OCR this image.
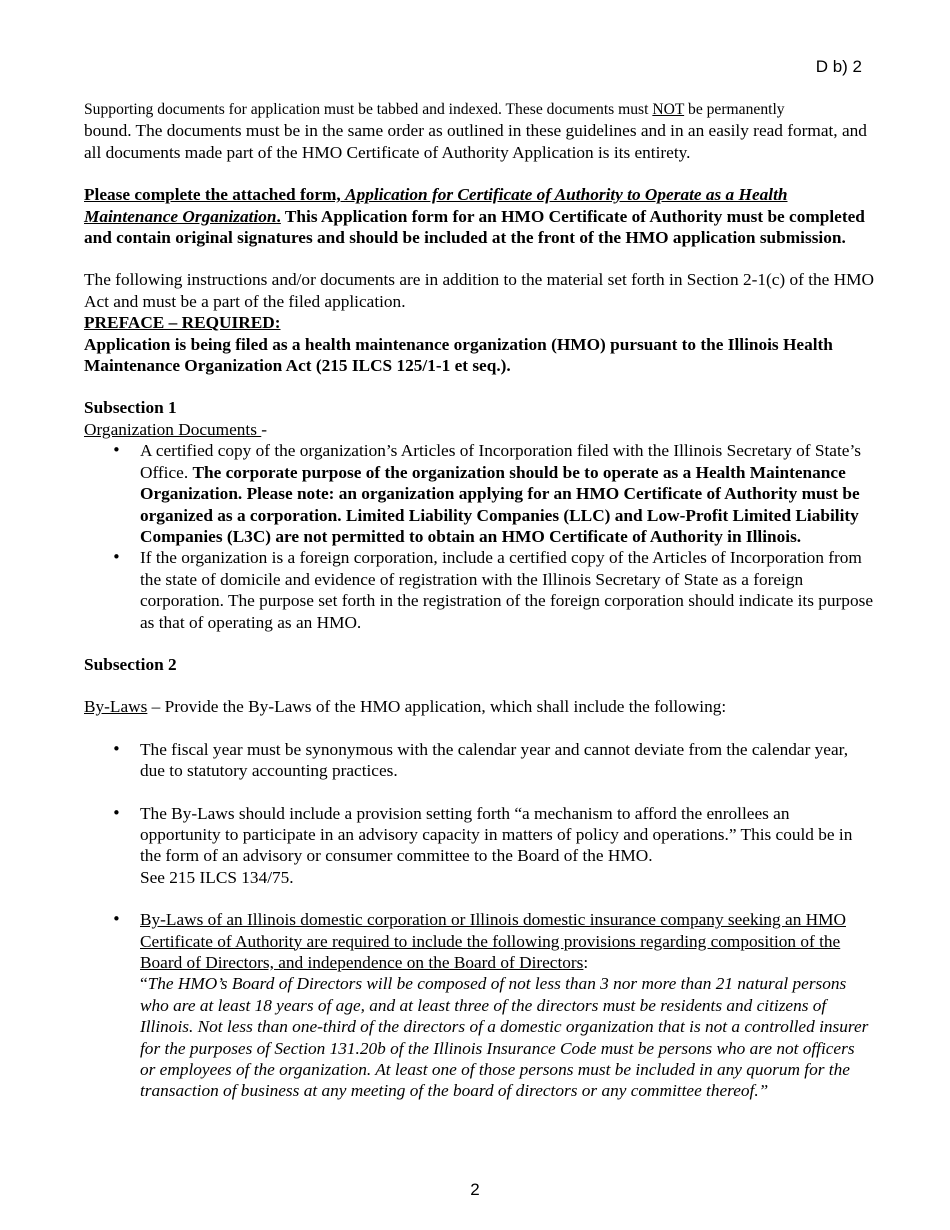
D b) 2

Supporting documents for application must be tabbed and indexed. These documents must NOT be permanently
bound. The documents must be in the same order as outlined in these guidelines and in an easily read format, and all documents made part of the HMO Certificate of Authority Application is its entirety.

Please complete the attached form, Application for Certificate of Authority to Operate as a Health Maintenance Organization. This Application form for an HMO Certificate of Authority must be completed and contain original signatures and should be included at the front of the HMO application submission.

The following instructions and/or documents are in addition to the material set forth in Section 2-1(c) of the HMO Act and must be a part of the filed application.

PREFACE – REQUIRED:

Application is being filed as a health maintenance organization (HMO) pursuant to the Illinois Health Maintenance Organization Act (215 ILCS 125/1-1 et seq.).

Subsection 1

Organization Documents -

• A certified copy of the organization’s Articles of Incorporation filed with the Illinois Secretary of State’s Office. The corporate purpose of the organization should be to operate as a Health Maintenance Organization. Please note: an organization applying for an HMO Certificate of Authority must be organized as a corporation. Limited Liability Companies (LLC) and Low-Profit Limited Liability Companies (L3C) are not permitted to obtain an HMO Certificate of Authority in Illinois.
• If the organization is a foreign corporation, include a certified copy of the Articles of Incorporation from the state of domicile and evidence of registration with the Illinois Secretary of State as a foreign corporation. The purpose set forth in the registration of the foreign corporation should indicate its purpose as that of operating as an HMO.

Subsection 2

By-Laws – Provide the By-Laws of the HMO application, which shall include the following:

• The fiscal year must be synonymous with the calendar year and cannot deviate from the calendar year, due to statutory accounting practices.
• The By-Laws should include a provision setting forth “a mechanism to afford the enrollees an opportunity to participate in an advisory capacity in matters of policy and operations.” This could be in the form of an advisory or consumer committee to the Board of the HMO.
See 215 ILCS 134/75.
• By-Laws of an Illinois domestic corporation or Illinois domestic insurance company seeking an HMO Certificate of Authority are required to include the following provisions regarding composition of the Board of Directors, and independence on the Board of Directors:
“The HMO’s Board of Directors will be composed of not less than 3 nor more than 21 natural persons who are at least 18 years of age, and at least three of the directors must be residents and citizens of Illinois. Not less than one-third of the directors of a domestic organization that is not a controlled insurer for the purposes of Section 131.20b of the Illinois Insurance Code must be persons who are not officers or employees of the organization. At least one of those persons must be included in any quorum for the transaction of business at any meeting of the board of directors or any committee thereof.”
2
